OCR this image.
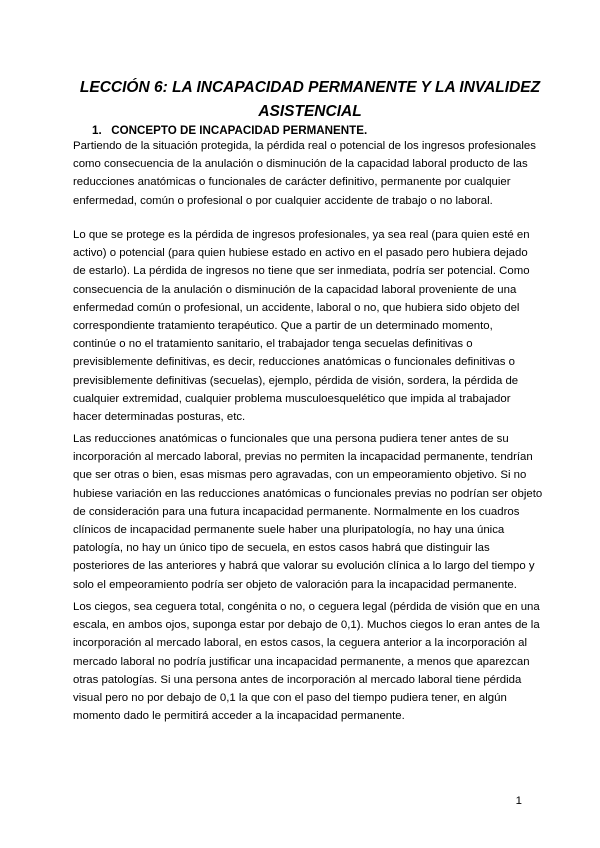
LECCIÓN 6: LA INCAPACIDAD PERMANENTE Y LA INVALIDEZ
ASISTENCIAL
1. CONCEPTO DE INCAPACIDAD PERMANENTE.
Partiendo de la situación protegida, la pérdida real o potencial de los ingresos profesionales
como consecuencia de la anulación o disminución de la capacidad laboral producto de las
reducciones anatómicas o funcionales de carácter definitivo, permanente por cualquier
enfermedad, común o profesional o por cualquier accidente de trabajo o no laboral.
Lo que se protege es la pérdida de ingresos profesionales, ya sea real (para quien esté en
activo) o potencial (para quien hubiese estado en activo en el pasado pero hubiera dejado
de estarlo). La pérdida de ingresos no tiene que ser inmediata, podría ser potencial. Como
consecuencia de la anulación o disminución de la capacidad laboral proveniente de una
enfermedad común o profesional, un accidente, laboral o no, que hubiera sido objeto del
correspondiente tratamiento terapéutico. Que a partir de un determinado momento,
continúe o no el tratamiento sanitario, el trabajador tenga secuelas definitivas o
previsiblemente definitivas, es decir, reducciones anatómicas o funcionales definitivas o
previsiblemente definitivas (secuelas), ejemplo, pérdida de visión, sordera, la pérdida de
cualquier extremidad, cualquier problema musculoesquelético que impida al trabajador
hacer determinadas posturas, etc.
Las reducciones anatómicas o funcionales que una persona pudiera tener antes de su
incorporación al mercado laboral, previas no permiten la incapacidad permanente, tendrían
que ser otras o bien, esas mismas pero agravadas, con un empeoramiento objetivo. Si no
hubiese variación en las reducciones anatómicas o funcionales previas no podrían ser objeto
de consideración para una futura incapacidad permanente. Normalmente en los cuadros
clínicos de incapacidad permanente suele haber una pluripatología, no hay una única
patología, no hay un único tipo de secuela, en estos casos habrá que distinguir las
posteriores de las anteriores y habrá que valorar su evolución clínica a lo largo del tiempo y
solo el empeoramiento podría ser objeto de valoración para la incapacidad permanente.
Los ciegos, sea ceguera total, congénita o no, o ceguera legal (pérdida de visión que en una
escala, en ambos ojos, suponga estar por debajo de 0,1). Muchos ciegos lo eran antes de la
incorporación al mercado laboral, en estos casos, la ceguera anterior a la incorporación al
mercado laboral no podría justificar una incapacidad permanente, a menos que aparezcan
otras patologías. Si una persona antes de incorporación al mercado laboral tiene pérdida
visual pero no por debajo de 0,1 la que con el paso del tiempo pudiera tener, en algún
momento dado le permitirá acceder a la incapacidad permanente.
1
